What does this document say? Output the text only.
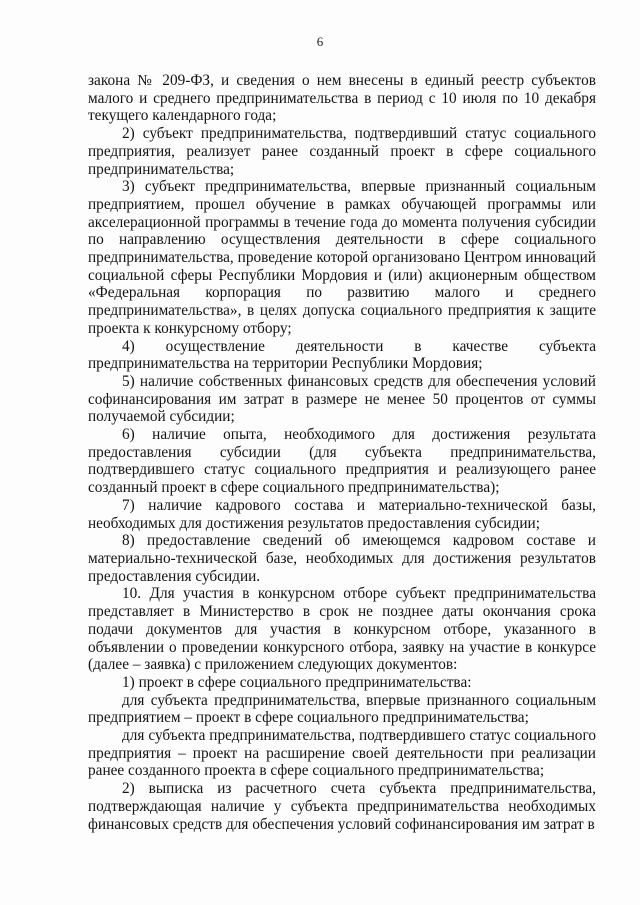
6

закона № 209-ФЗ, и сведения о нем внесены в единый реестр субъектов малого и среднего предпринимательства в период с 10 июля по 10 декабря текущего календарного года;

2) субъект предпринимательства, подтвердивший статус социального предприятия, реализует ранее созданный проект в сфере социального предпринимательства;

3) субъект предпринимательства, впервые признанный социальным предприятием, прошел обучение в рамках обучающей программы или акселерационной программы в течение года до момента получения субсидии по направлению осуществления деятельности в сфере социального предпринимательства, проведение которой организовано Центром инноваций социальной сферы Республики Мордовия и (или) акционерным обществом «Федеральная корпорация по развитию малого и среднего предпринимательства», в целях допуска социального предприятия к защите проекта к конкурсному отбору;

4) осуществление деятельности в качестве субъекта предпринимательства на территории Республики Мордовия;

5) наличие собственных финансовых средств для обеспечения условий софинансирования им затрат в размере не менее 50 процентов от суммы получаемой субсидии;

6) наличие опыта, необходимого для достижения результата предоставления субсидии (для субъекта предпринимательства, подтвердившего статус социального предприятия и реализующего ранее созданный проект в сфере социального предпринимательства);

7) наличие кадрового состава и материально-технической базы, необходимых для достижения результатов предоставления субсидии;

8) предоставление сведений об имеющемся кадровом составе и материально-технической базе, необходимых для достижения результатов предоставления субсидии.

10. Для участия в конкурсном отборе субъект предпринимательства представляет в Министерство в срок не позднее даты окончания срока подачи документов для участия в конкурсном отборе, указанного в объявлении о проведении конкурсного отбора, заявку на участие в конкурсе (далее – заявка) с приложением следующих документов:

1) проект в сфере социального предпринимательства:

для субъекта предпринимательства, впервые признанного социальным предприятием – проект в сфере социального предпринимательства;

для субъекта предпринимательства, подтвердившего статус социального предприятия – проект на расширение своей деятельности при реализации ранее созданного проекта в сфере социального предпринимательства;

2) выписка из расчетного счета субъекта предпринимательства, подтверждающая наличие у субъекта предпринимательства необходимых финансовых средств для обеспечения условий софинансирования им затрат в
